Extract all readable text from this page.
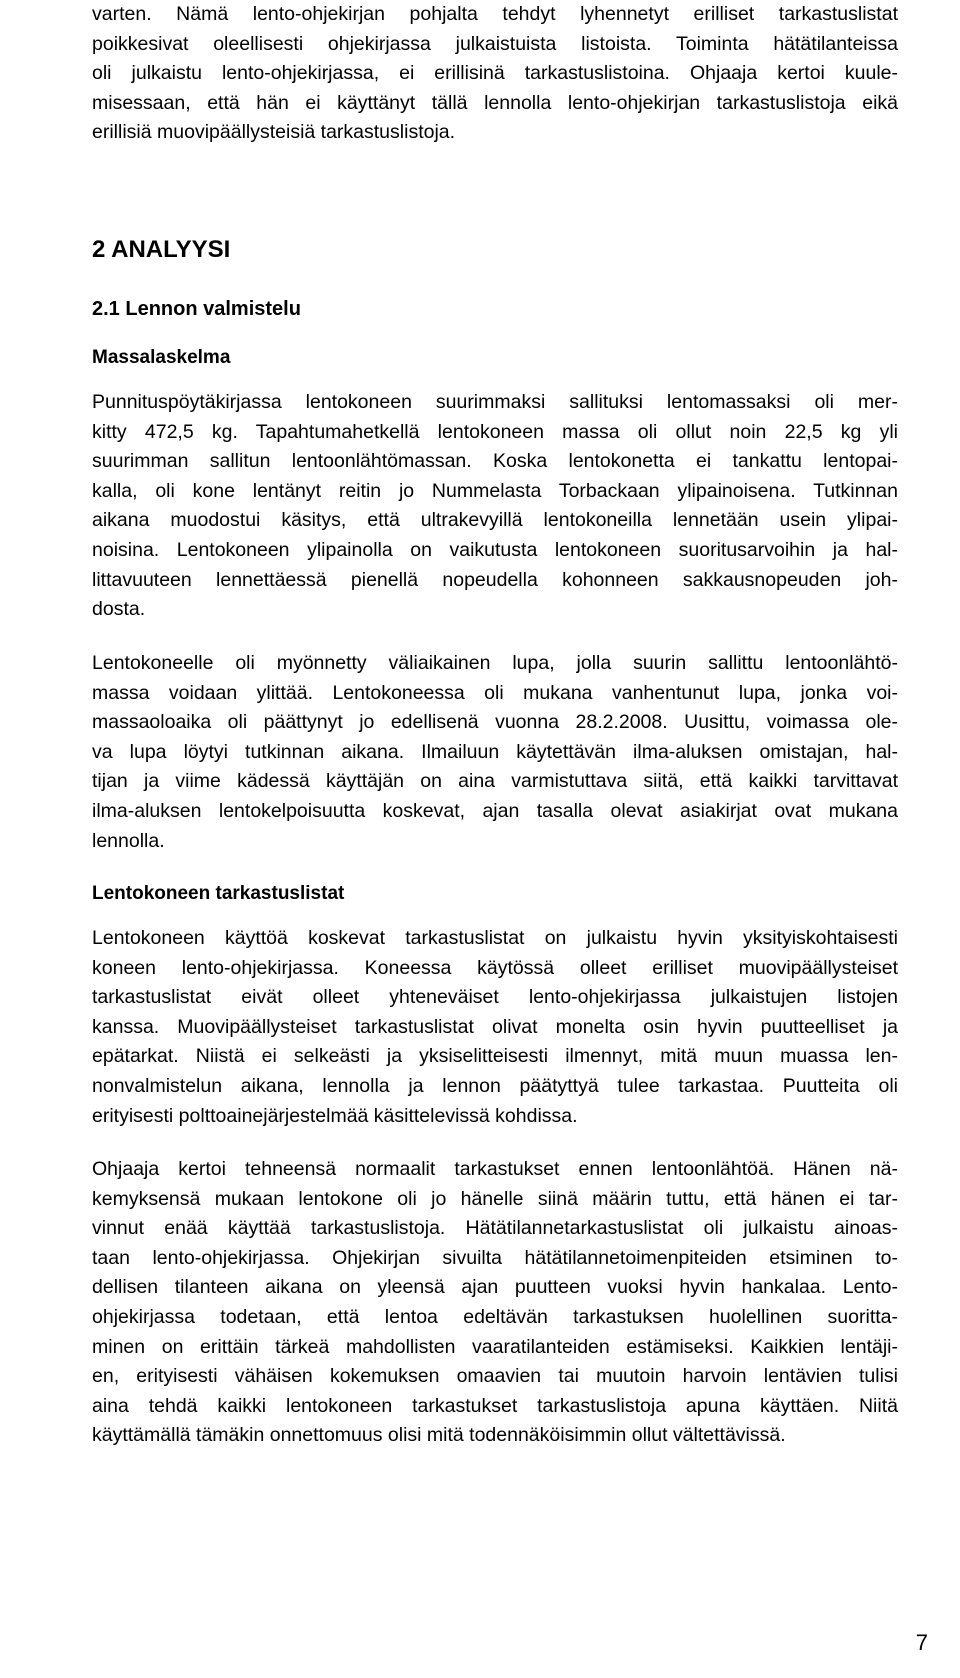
varten. Nämä lento-ohjekirjan pohjalta tehdyt lyhennetyt erilliset tarkastuslistat
poikkesivat oleellisesti ohjekirjassa julkaistuista listoista. Toiminta hätätilanteissa
oli julkaistu lento-ohjekirjassa, ei erillisinä tarkastuslistoina. Ohjaaja kertoi kuule-
misessaan, että hän ei käyttänyt tällä lennolla lento-ohjekirjan tarkastuslistoja eikä
erillisiä muovipäällysteisiä tarkastuslistoja.
2 ANALYYSI
2.1 Lennon valmistelu
Massalaskelma
Punnituspöytäkirjassa lentokoneen suurimmaksi sallituksi lentomassaksi oli mer-
kitty 472,5 kg. Tapahtumahetkellä lentokoneen massa oli ollut noin 22,5 kg yli
suurimman sallitun lentoonlähtömassan. Koska lentokonetta ei tankattu lentopai-
kalla, oli kone lentänyt reitin jo Nummelasta Torbackaan ylipainoisena. Tutkinnan
aikana muodostui käsitys, että ultrakevyillä lentokoneilla lennetään usein ylipai-
noisina. Lentokoneen ylipainolla on vaikutusta lentokoneen suoritusarvoihin ja hal-
littavuuteen lennettäessä pienellä nopeudella kohonneen sakkausnopeuden joh-
dosta.
Lentokoneelle oli myönnetty väliaikainen lupa, jolla suurin sallittu lentoonlähtö-
massa voidaan ylittää. Lentokoneessa oli mukana vanhentunut lupa, jonka voi-
massaoloaika oli päättynyt jo edellisenä vuonna 28.2.2008. Uusittu, voimassa ole-
va lupa löytyi tutkinnan aikana. Ilmailuun käytettävän ilma-aluksen omistajan, hal-
tijan ja viime kädessä käyttäjän on aina varmistuttava siitä, että kaikki tarvittavat
ilma-aluksen lentokelpoisuutta koskevat, ajan tasalla olevat asiakirjat ovat mukana
lennolla.
Lentokoneen tarkastuslistat
Lentokoneen käyttöä koskevat tarkastuslistat on julkaistu hyvin yksityiskohtaisesti
koneen lento-ohjekirjassa. Koneessa käytössä olleet erilliset muovipäällysteiset
tarkastuslistat eivät olleet yhteneväiset lento-ohjekirjassa julkaistujen listojen
kanssa. Muovipäällysteiset tarkastuslistat olivat monelta osin hyvin puutteelliset ja
epätarkat. Niistä ei selkeästi ja yksiselitteisesti ilmennyt, mitä muun muassa len-
nonvalmistelun aikana, lennolla ja lennon päätyttyä tulee tarkastaa. Puutteita oli
erityisesti polttoainejärjestelmää käsittelevissä kohdissa.
Ohjaaja kertoi tehneensä normaalit tarkastukset ennen lentoonlähtöä. Hänen nä-
kemyksensä mukaan lentokone oli jo hänelle siinä määrin tuttu, että hänen ei tar-
vinnut enää käyttää tarkastuslistoja. Hätätilannetarkastuslistat oli julkaistu ainoas-
taan lento-ohjekirjassa. Ohjekirjan sivuilta hätätilannetoimenpiteiden etsiminen to-
dellisen tilanteen aikana on yleensä ajan puutteen vuoksi hyvin hankalaa. Lento-
ohjekirjassa todetaan, että lentoa edeltävän tarkastuksen huolellinen suoritta-
minen on erittäin tärkeä mahdollisten vaaratilanteiden estämiseksi. Kaikkien lentäji-
en, erityisesti vähäisen kokemuksen omaavien tai muutoin harvoin lentävien tulisi
aina tehdä kaikki lentokoneen tarkastukset tarkastuslistoja apuna käyttäen. Niitä
käyttämällä tämäkin onnettomuus olisi mitä todennäköisimmin ollut vältettävissä.
7
